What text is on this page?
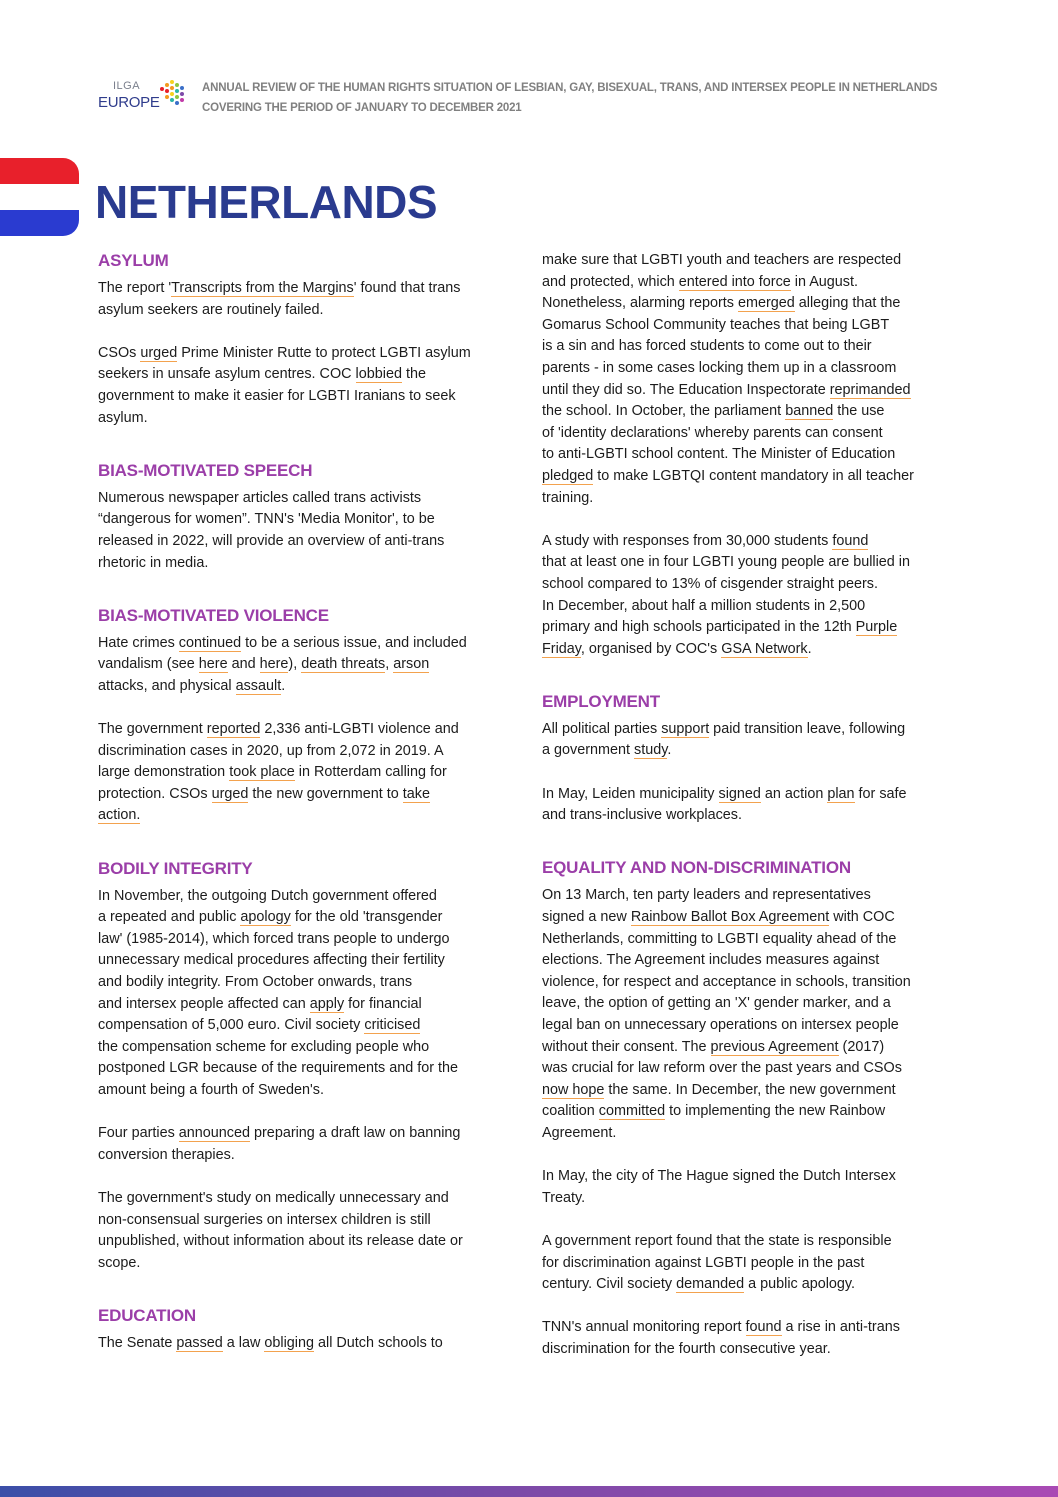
ILGA
EUROPE
ANNUAL REVIEW OF THE HUMAN RIGHTS SITUATION OF LESBIAN, GAY, BISEXUAL, TRANS, AND INTERSEX PEOPLE IN NETHERLANDS
COVERING THE PERIOD OF JANUARY TO DECEMBER 2021
NETHERLANDS
ASYLUM

The report 'Transcripts from the Margins' found that trans
asylum seekers are routinely failed.

CSOs urged Prime Minister Rutte to protect LGBTI asylum
seekers in unsafe asylum centres. COC lobbied the
government to make it easier for LGBTI Iranians to seek
asylum.

BIAS-MOTIVATED SPEECH

Numerous newspaper articles called trans activists
“dangerous for women”. TNN's 'Media Monitor', to be
released in 2022, will provide an overview of anti-trans
rhetoric in media.

BIAS-MOTIVATED VIOLENCE

Hate crimes continued to be a serious issue, and included
vandalism (see here and here), death threats, arson
attacks, and physical assault.

The government reported 2,336 anti-LGBTI violence and
discrimination cases in 2020, up from 2,072 in 2019. A
large demonstration took place in Rotterdam calling for
protection. CSOs urged the new government to take
action.

BODILY INTEGRITY

In November, the outgoing Dutch government offered
a repeated and public apology for the old 'transgender
law' (1985-2014), which forced trans people to undergo
unnecessary medical procedures affecting their fertility
and bodily integrity. From October onwards, trans
and intersex people affected can apply for financial
compensation of 5,000 euro. Civil society criticised
the compensation scheme for excluding people who
postponed LGR because of the requirements and for the
amount being a fourth of Sweden's.

Four parties announced preparing a draft law on banning
conversion therapies.

The government's study on medically unnecessary and
non-consensual surgeries on intersex children is still
unpublished, without information about its release date or
scope.

EDUCATION

The Senate passed a law obliging all Dutch schools to

make sure that LGBTI youth and teachers are respected
and protected, which entered into force in August.
Nonetheless, alarming reports emerged alleging that the
Gomarus School Community teaches that being LGBT
is a sin and has forced students to come out to their
parents - in some cases locking them up in a classroom
until they did so. The Education Inspectorate reprimanded
the school. In October, the parliament banned the use
of 'identity declarations' whereby parents can consent
to anti-LGBTI school content. The Minister of Education
pledged to make LGBTQI content mandatory in all teacher
training.

A study with responses from 30,000 students found
that at least one in four LGBTI young people are bullied in
school compared to 13% of cisgender straight peers.
In December, about half a million students in 2,500
primary and high schools participated in the 12th Purple
Friday, organised by COC's GSA Network.

EMPLOYMENT

All political parties support paid transition leave, following
a government study.

In May, Leiden municipality signed an action plan for safe
and trans-inclusive workplaces.

EQUALITY AND NON-DISCRIMINATION

On 13 March, ten party leaders and representatives
signed a new Rainbow Ballot Box Agreement with COC
Netherlands, committing to LGBTI equality ahead of the
elections. The Agreement includes measures against
violence, for respect and acceptance in schools, transition
leave, the option of getting an 'X' gender marker, and a
legal ban on unnecessary operations on intersex people
without their consent. The previous Agreement (2017)
was crucial for law reform over the past years and CSOs
now hope the same. In December, the new government
coalition committed to implementing the new Rainbow
Agreement.

In May, the city of The Hague signed the Dutch Intersex
Treaty.

A government report found that the state is responsible
for discrimination against LGBTI people in the past
century. Civil society demanded a public apology.

TNN's annual monitoring report found a rise in anti-trans
discrimination for the fourth consecutive year.
